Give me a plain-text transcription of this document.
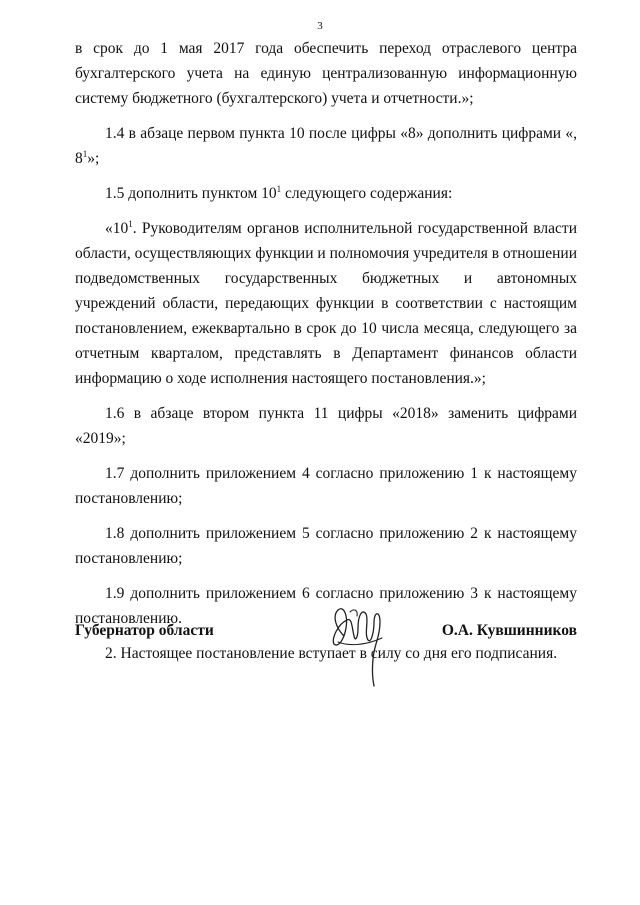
3

в срок до 1 мая 2017 года обеспечить переход отраслевого центра бухгалтерского учета на единую централизованную информационную систему бюджетного (бухгалтерского) учета и отчетности.»;

1.4 в абзаце первом пункта 10 после цифры «8» дополнить цифрами «, $8^1$»;

1.5 дополнить пунктом $10^1$ следующего содержания:

«$10^1$. Руководителям органов исполнительной государственной власти области, осуществляющих функции и полномочия учредителя в отношении подведомственных государственных бюджетных и автономных учреждений области, передающих функции в соответствии с настоящим постановлением, ежеквартально в срок до 10 числа месяца, следующего за отчетным кварталом, представлять в Департамент финансов области информацию о ходе исполнения настоящего постановления.»;

1.6 в абзаце втором пункта 11 цифры «2018» заменить цифрами «2019»;

1.7 дополнить приложением 4 согласно приложению 1 к настоящему постановлению;

1.8 дополнить приложением 5 согласно приложению 2 к настоящему постановлению;

1.9 дополнить приложением 6 согласно приложению 3 к настоящему постановлению.

2. Настоящее постановление вступает в силу со дня его подписания.

Губернатор области	О.А. Кувшинников
